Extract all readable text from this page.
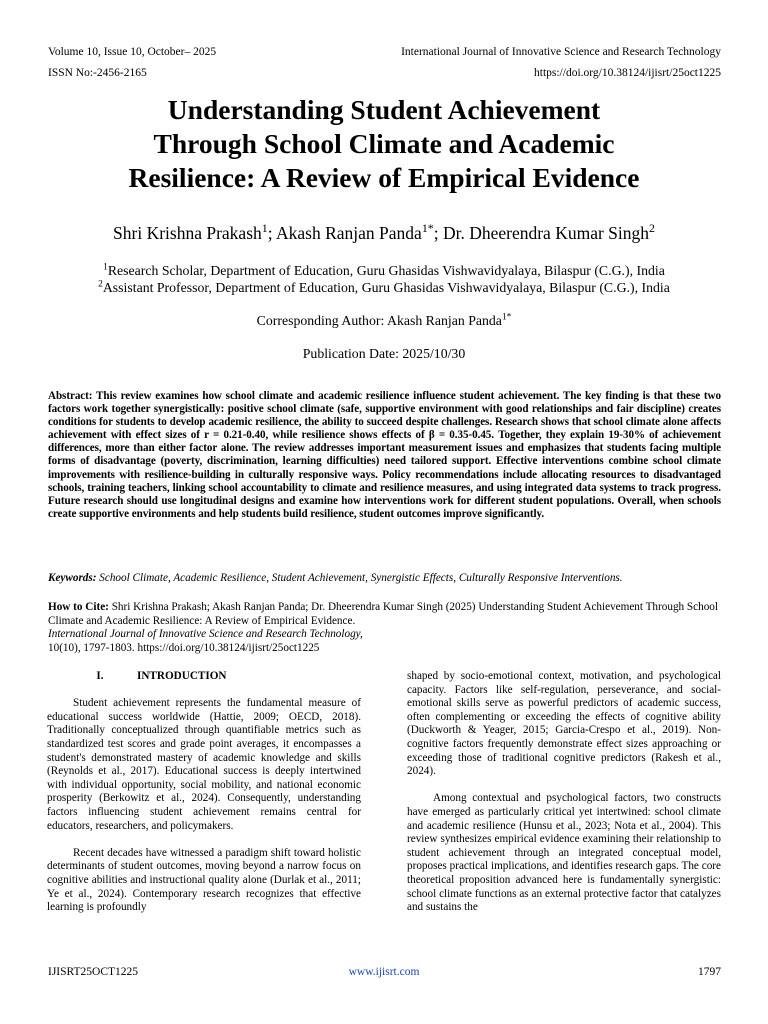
Volume 10, Issue 10, October– 2025
ISSN No:-2456-2165
International Journal of Innovative Science and Research Technology
https://doi.org/10.38124/ijisrt/25oct1225
Understanding Student Achievement
Through School Climate and Academic
Resilience: A Review of Empirical Evidence
Shri Krishna Prakash$^1$; Akash Ranjan Panda$^{1*}$; Dr. Dheerendra Kumar Singh$^2$
$^1$Research Scholar, Department of Education, Guru Ghasidas Vishwavidyalaya, Bilaspur (C.G.), India
$^2$Assistant Professor, Department of Education, Guru Ghasidas Vishwavidyalaya, Bilaspur (C.G.), India
Corresponding Author: Akash Ranjan Panda$^{1*}$
Publication Date: 2025/10/30
Abstract: This review examines how school climate and academic resilience influence student achievement. The key finding is that these two factors work together synergistically: positive school climate (safe, supportive environment with good relationships and fair discipline) creates conditions for students to develop academic resilience, the ability to succeed despite challenges. Research shows that school climate alone affects achievement with effect sizes of r = 0.21-0.40, while resilience shows effects of β = 0.35-0.45. Together, they explain 19-30% of achievement differences, more than either factor alone. The review addresses important measurement issues and emphasizes that students facing multiple forms of disadvantage (poverty, discrimination, learning difficulties) need tailored support. Effective interventions combine school climate improvements with resilience-building in culturally responsive ways. Policy recommendations include allocating resources to disadvantaged schools, training teachers, linking school accountability to climate and resilience measures, and using integrated data systems to track progress. Future research should use longitudinal designs and examine how interventions work for different student populations. Overall, when schools create supportive environments and help students build resilience, student outcomes improve significantly.
Keywords: School Climate, Academic Resilience, Student Achievement, Synergistic Effects, Culturally Responsive Interventions.
How to Cite: Shri Krishna Prakash; Akash Ranjan Panda; Dr. Dheerendra Kumar Singh (2025) Understanding Student Achievement Through School Climate and Academic Resilience: A Review of Empirical Evidence.
International Journal of Innovative Science and Research Technology,
10(10), 1797-1803. https://doi.org/10.38124/ijisrt/25oct1225
I.	INTRODUCTION

Student achievement represents the fundamental measure of educational success worldwide (Hattie, 2009; OECD, 2018). Traditionally conceptualized through quantifiable metrics such as standardized test scores and grade point averages, it encompasses a student's demonstrated mastery of academic knowledge and skills (Reynolds et al., 2017). Educational success is deeply intertwined with individual opportunity, social mobility, and national economic prosperity (Berkowitz et al., 2024). Consequently, understanding factors influencing student achievement remains central for educators, researchers, and policymakers.

Recent decades have witnessed a paradigm shift toward holistic determinants of student outcomes, moving beyond a narrow focus on cognitive abilities and instructional quality alone (Durlak et al., 2011; Ye et al., 2024). Contemporary research recognizes that effective learning is profoundly

shaped by socio-emotional context, motivation, and psychological capacity. Factors like self-regulation, perseverance, and social-emotional skills serve as powerful predictors of academic success, often complementing or exceeding the effects of cognitive ability (Duckworth & Yeager, 2015; Garcia-Crespo et al., 2019). Non-cognitive factors frequently demonstrate effect sizes approaching or exceeding those of traditional cognitive predictors (Rakesh et al., 2024).

Among contextual and psychological factors, two constructs have emerged as particularly critical yet intertwined: school climate and academic resilience (Hunsu et al., 2023; Nota et al., 2004). This review synthesizes empirical evidence examining their relationship to student achievement through an integrated conceptual model, proposes practical implications, and identifies research gaps. The core theoretical proposition advanced here is fundamentally synergistic: school climate functions as an external protective factor that catalyzes and sustains the

IJISRT25OCT1225	www.ijisrt.com	1797
